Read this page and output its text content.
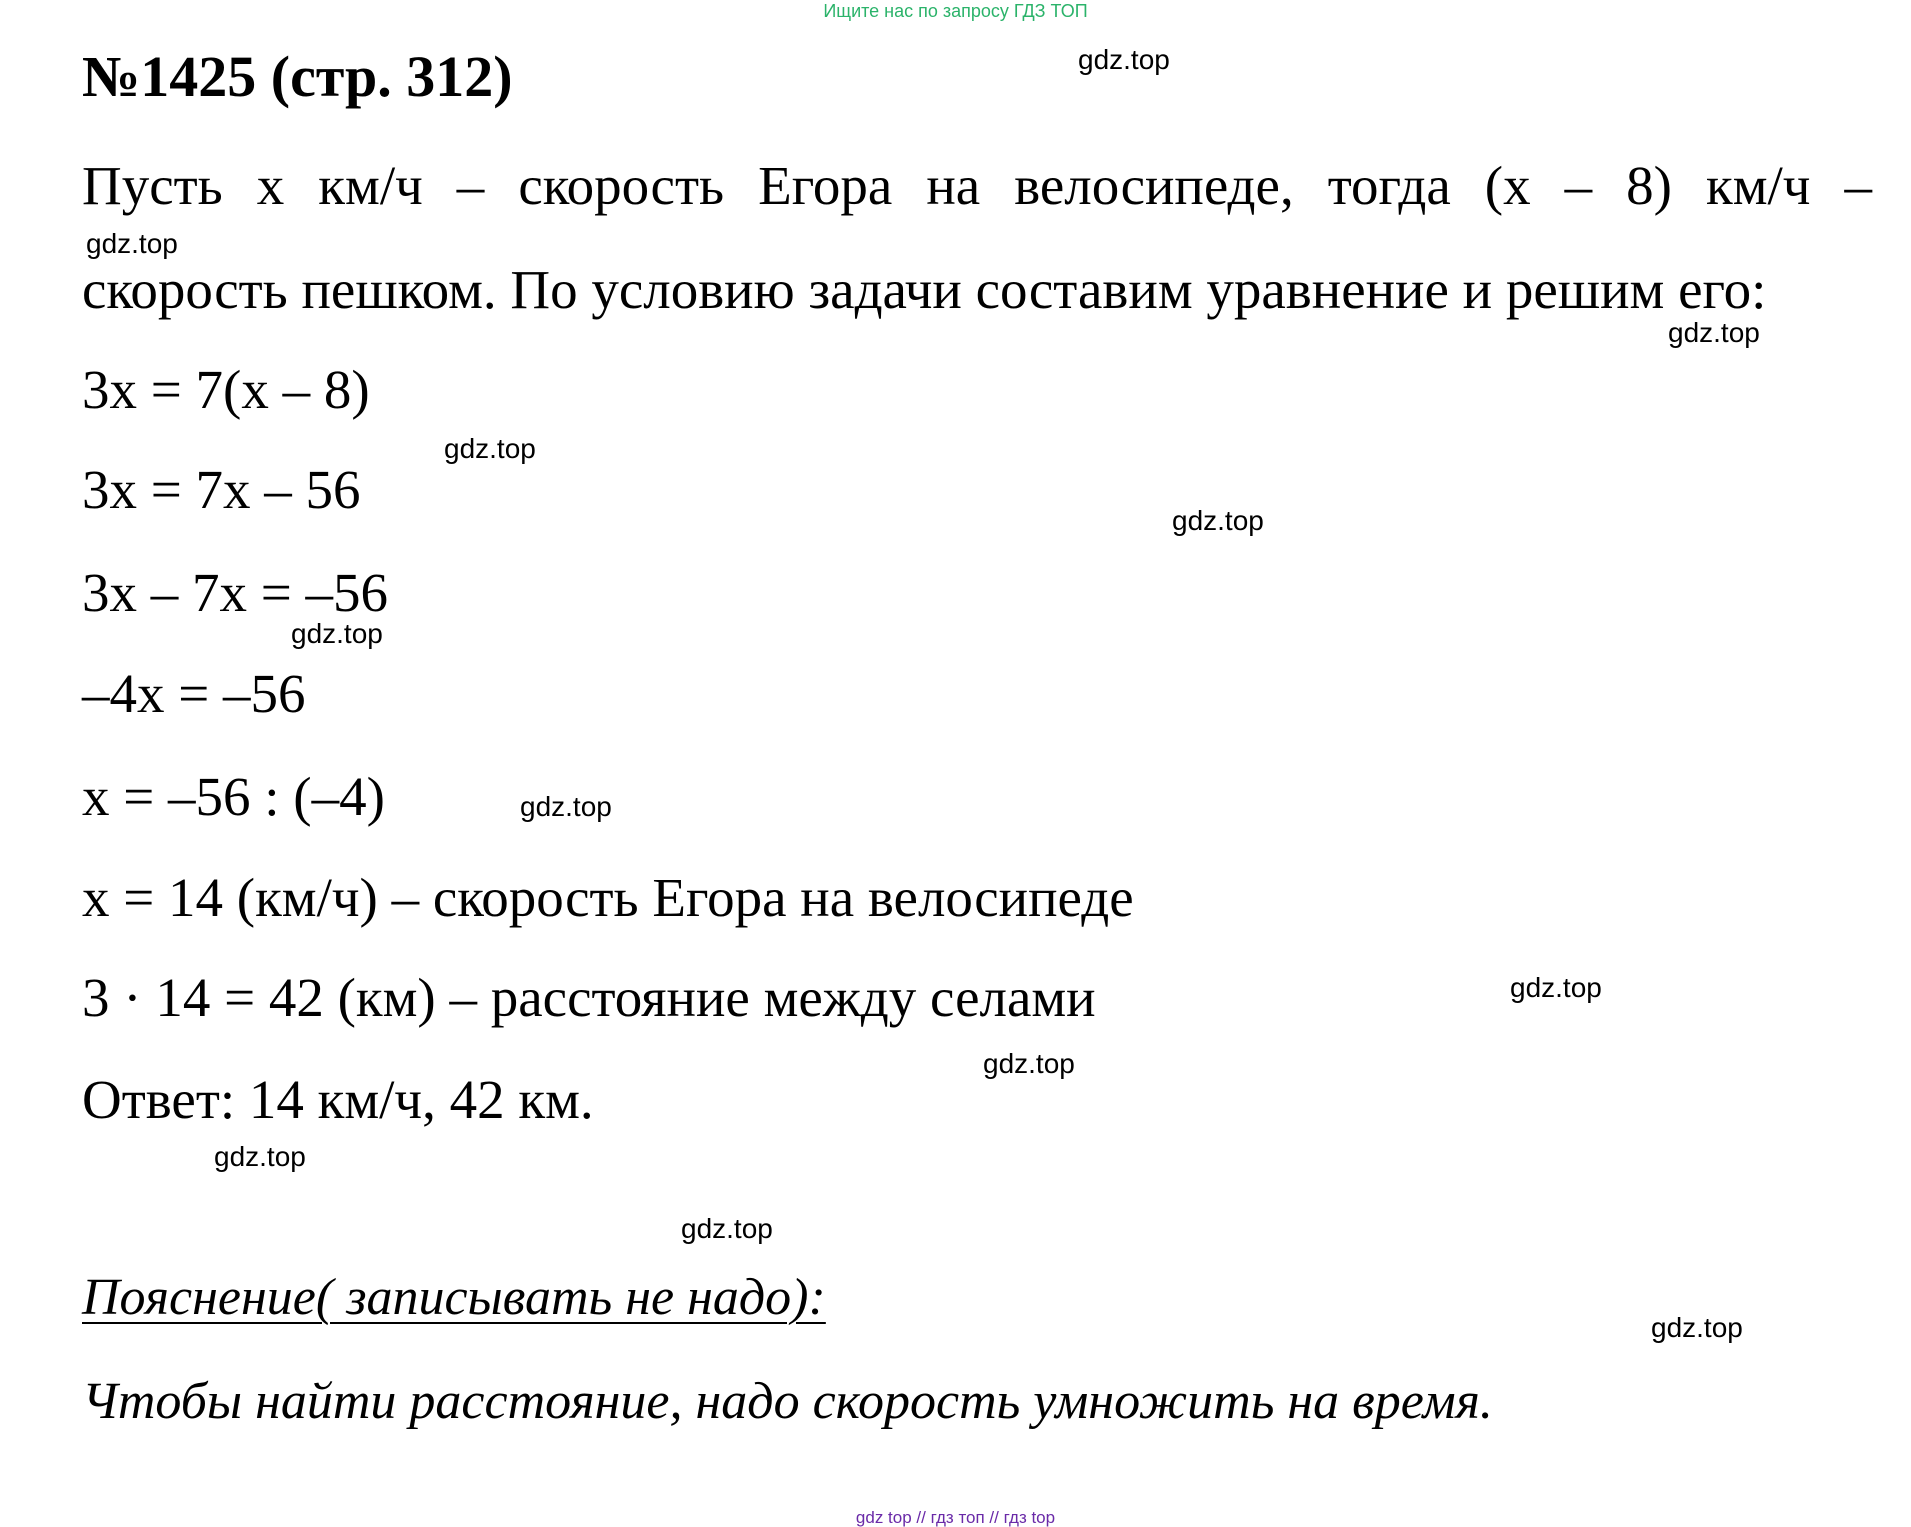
Ищите нас по запросу ГДЗ ТОП
№1425 (стр. 312)
Пусть х км/ч – скорость Егора на велосипеде, тогда (х – 8) км/ч –
скорость пешком. По условию задачи составим уравнение и решим его:
3х = 7(х – 8)
3х = 7х – 56
3х – 7х = –56
–4х = –56
х = –56 : (–4)
х = 14 (км/ч) – скорость Егора на велосипеде
3 · 14 = 42 (км) – расстояние между селами
Ответ: 14 км/ч, 42 км.
Пояснение( записывать не надо):
Чтобы найти расстояние, надо скорость умножить на время.
gdz.top
gdz.top
gdz.top
gdz.top
gdz.top
gdz.top
gdz.top
gdz.top
gdz.top
gdz.top
gdz.top
gdz.top
gdz top // гдз топ // гдз top
